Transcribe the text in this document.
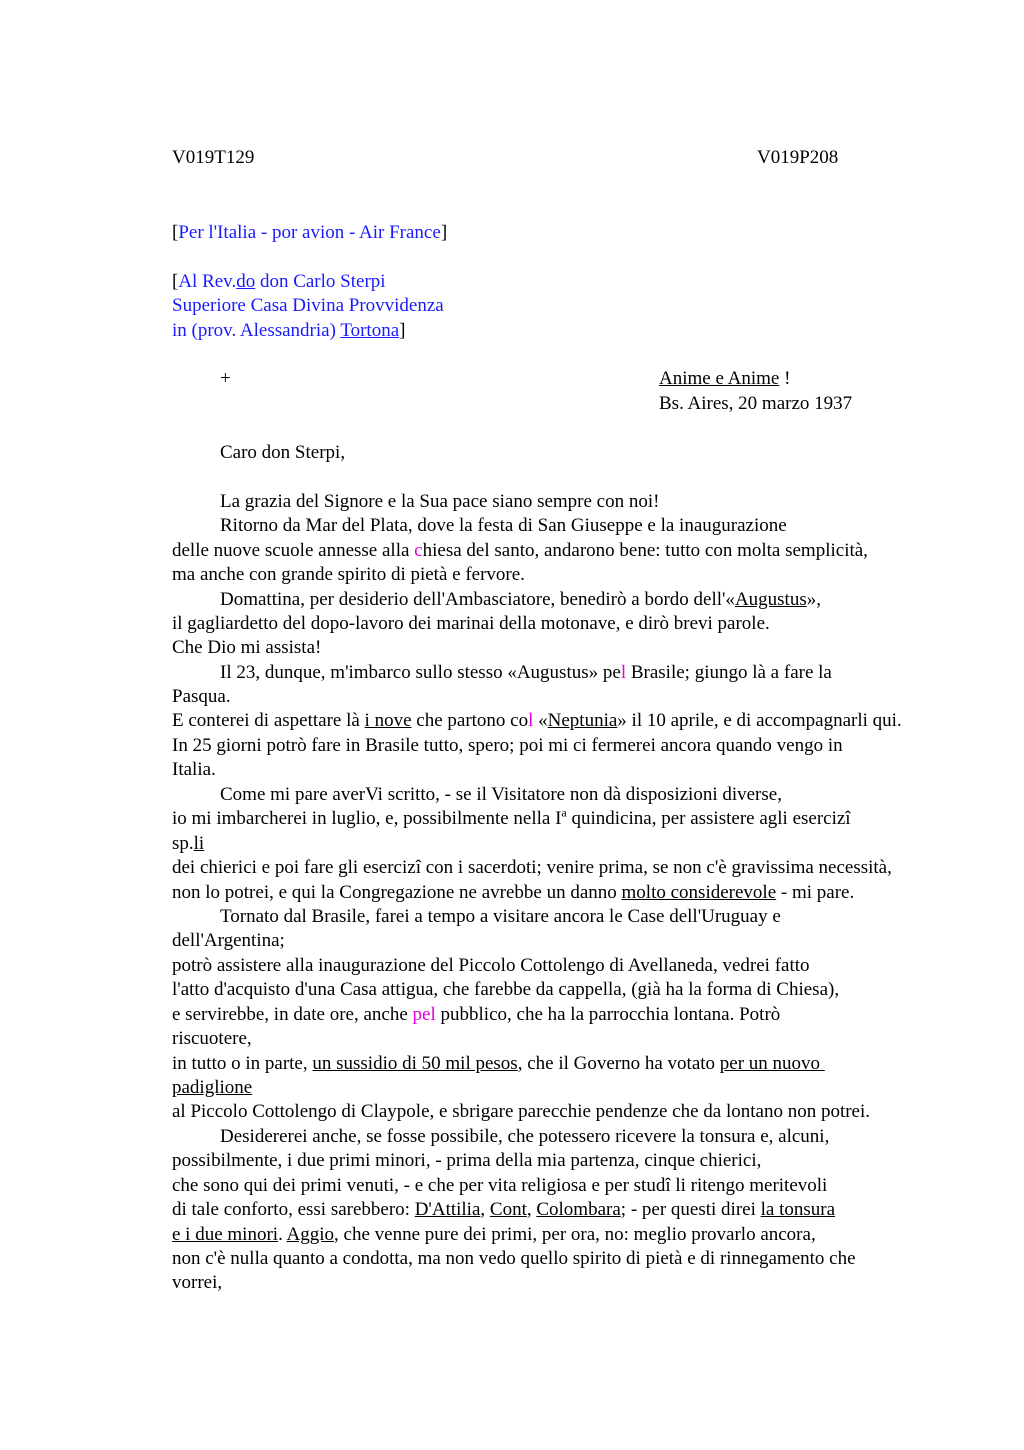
V019T129	V019P208
[Per l'Italia - por avion - Air France]
[Al Rev.do don Carlo Sterpi
Superiore Casa Divina Provvidenza
in (prov. Alessandria) Tortona]
+	Anime e Anime !
Bs. Aires, 20 marzo 1937
Caro don Sterpi,
La grazia del Signore e la Sua pace siano sempre con noi!
Ritorno da Mar del Plata, dove la festa di San Giuseppe e la inaugurazione
delle nuove scuole annesse alla chiesa del santo, andarono bene: tutto con molta semplicità,
ma anche con grande spirito di pietà e fervore.
Domattina, per desiderio dell'Ambasciatore, benedirò a bordo dell'«Augustus»,
il gagliardetto del dopo-lavoro dei marinai della motonave, e dirò brevi parole.
Che Dio mi assista!
Il 23, dunque, m'imbarco sullo stesso «Augustus» pel Brasile; giungo là a fare la
Pasqua.
E conterei di aspettare là i nove che partono col «Neptunia» il 10 aprile, e di accompagnarli qui.
In 25 giorni potrò fare in Brasile tutto, spero; poi mi ci fermerei ancora quando vengo in
Italia.
Come mi pare averVi scritto, - se il Visitatore non dà disposizioni diverse,
io mi imbarcherei in luglio, e, possibilmente nella $I^a$ quindicina, per assistere agli esercizi
sp.li
dei chierici e poi fare gli esercizi con i sacerdoti; venire prima, se non c'è gravissima necessità,
non lo potrei, e qui la Congregazione ne avrebbe un danno molto considerevole - mi pare.
Tornato dal Brasile, farei a tempo a visitare ancora le Case dell'Uruguay e
dell'Argentina;
potrò assistere alla inaugurazione del Piccolo Cottolengo di Avellaneda, vedrei fatto
l'atto d'acquisto d'una Casa attigua, che farebbe da cappella, (già ha la forma di Chiesa),
e servirebbe, in date ore, anche pel pubblico, che ha la parrocchia lontana. Potrò
riscuotere,
in tutto o in parte, un sussidio di 50 mil pesos, che il Governo ha votato per un nuovo
padiglione
al Piccolo Cottolengo di Claypole, e sbrigare parecchie pendenze che da lontano non potrei.
Desidererei anche, se fosse possibile, che potessero ricevere la tonsura e, alcuni,
possibilmente, i due primi minori, - prima della mia partenza, cinque chierici,
che sono qui dei primi venuti, - e che per vita religiosa e per studi li ritengo meritevoli
di tale conforto, essi sarebbero: D'Attilia, Cont, Colombara; - per questi direi la tonsura
e i due minori. Aggio, che venne pure dei primi, per ora, no: meglio provarlo ancora,
non c'è nulla quanto a condotta, ma non vedo quello spirito di pietà e di rinnegamento che
vorrei,
